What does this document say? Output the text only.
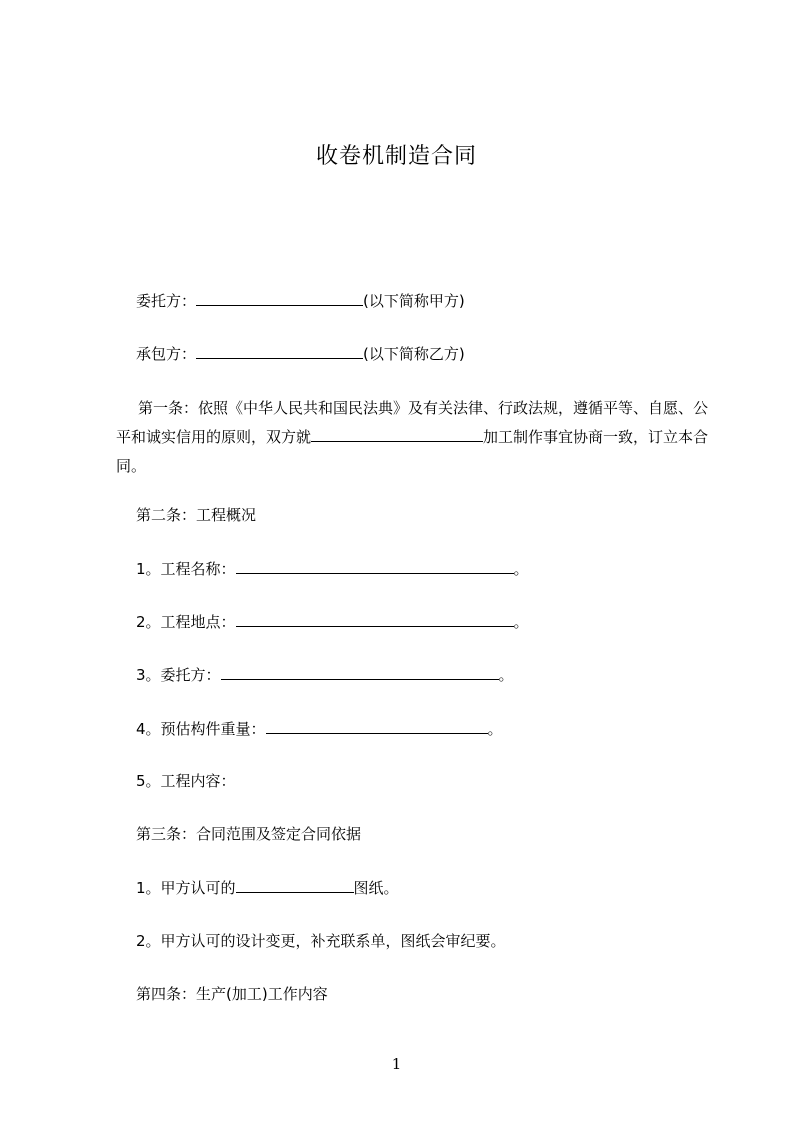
收卷机制造合同
委托方：	(以下简称甲方)
承包方：	(以下简称乙方)
第一条：依照《中华人民共和国民法典》及有关法律、行政法规，遵循平等、自愿、公平和诚实信用的原则，双方就	加工制作事宜协商一致，订立本合同。
第二条：工程概况
1。工程名称：	。
2。工程地点：	。
3。委托方：	。
4。预估构件重量：	。
5。工程内容：
第三条：合同范围及签定合同依据
1。甲方认可的	图纸。
2。甲方认可的设计变更，补充联系单，图纸会审纪要。
第四条：生产(加工)工作内容
1
